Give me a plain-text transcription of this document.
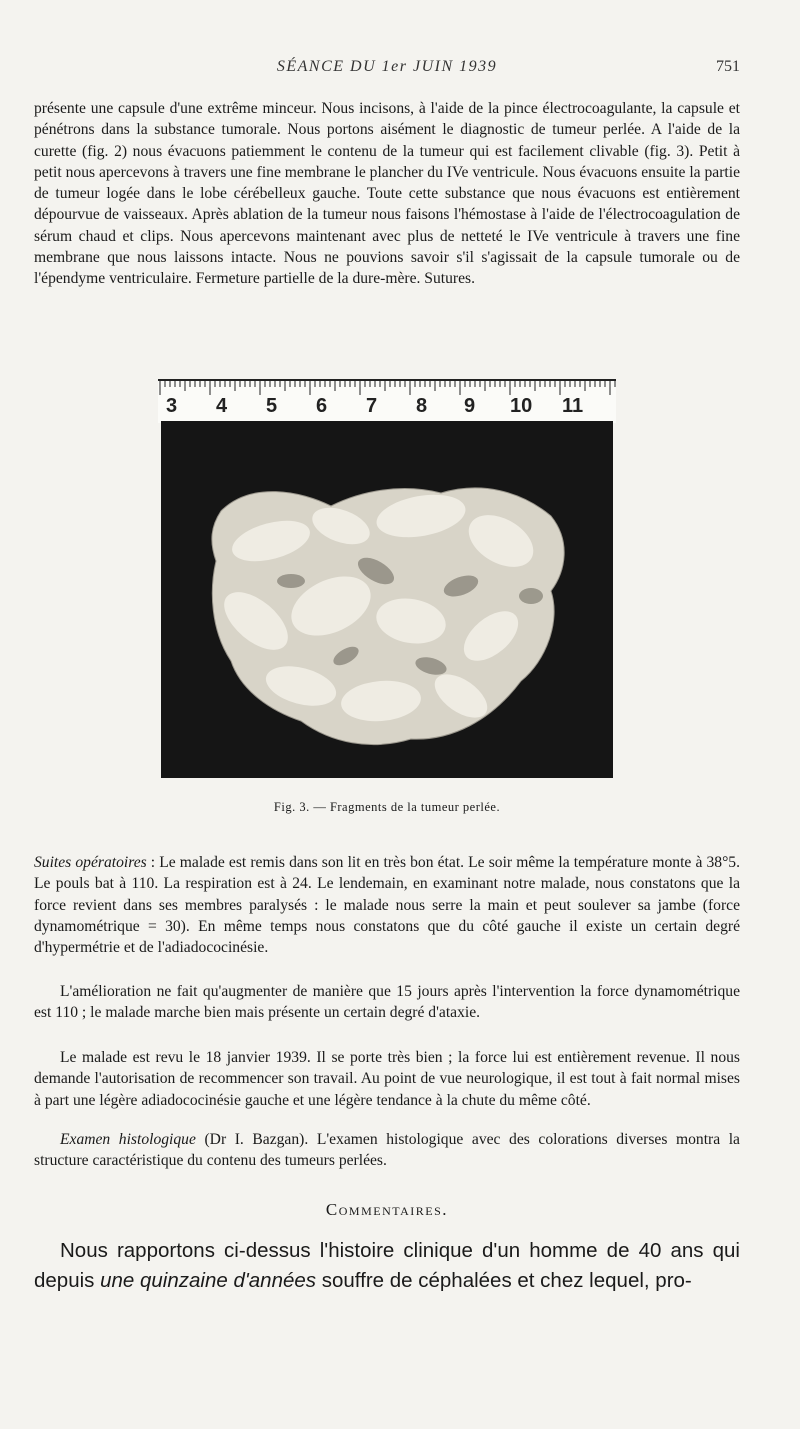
SÉANCE DU 1er JUIN 1939	751

présente une capsule d'une extrême minceur. Nous incisons, à l'aide de la pince électrocoagulante, la capsule et pénétrons dans la substance tumorale. Nous portons aisément le diagnostic de tumeur perlée. A l'aide de la curette (fig. 2) nous évacuons patiemment le contenu de la tumeur qui est facilement clivable (fig. 3). Petit à petit nous apercevons à travers une fine membrane le plancher du IVe ventricule. Nous évacuons ensuite la partie de tumeur logée dans le lobe cérébelleux gauche. Toute cette substance que nous évacuons est entièrement dépourvue de vaisseaux. Après ablation de la tumeur nous faisons l'hémostase à l'aide de l'électrocoagulation de sérum chaud et clips. Nous apercevons maintenant avec plus de netteté le IVe ventricule à travers une fine membrane que nous laissons intacte. Nous ne pouvions savoir s'il s'agissait de la capsule tumorale ou de l'épendyme ventriculaire. Fermeture partielle de la dure-mère. Sutures.

3 4 5 6 7 8 9 10 11
Fig. 3. — Fragments de la tumeur perlée.

Suites opératoires : Le malade est remis dans son lit en très bon état. Le soir même la température monte à 38°5. Le pouls bat à 110. La respiration est à 24. Le lendemain, en examinant notre malade, nous constatons que la force revient dans ses membres paralysés : le malade nous serre la main et peut soulever sa jambe (force dynamométrique = 30). En même temps nous constatons que du côté gauche il existe un certain degré d'hypermétrie et de l'adiadococinésie.

L'amélioration ne fait qu'augmenter de manière que 15 jours après l'intervention la force dynamométrique est 110 ; le malade marche bien mais présente un certain degré d'ataxie.

Le malade est revu le 18 janvier 1939. Il se porte très bien ; la force lui est entièrement revenue. Il nous demande l'autorisation de recommencer son travail. Au point de vue neurologique, il est tout à fait normal mises à part une légère adiadococinésie gauche et une légère tendance à la chute du même côté.

Examen histologique (Dr I. Bazgan). L'examen histologique avec des colorations diverses montra la structure caractéristique du contenu des tumeurs perlées.

Commentaires.

Nous rapportons ci-dessus l'histoire clinique d'un homme de 40 ans qui depuis une quinzaine d'années souffre de céphalées et chez lequel, pro-
